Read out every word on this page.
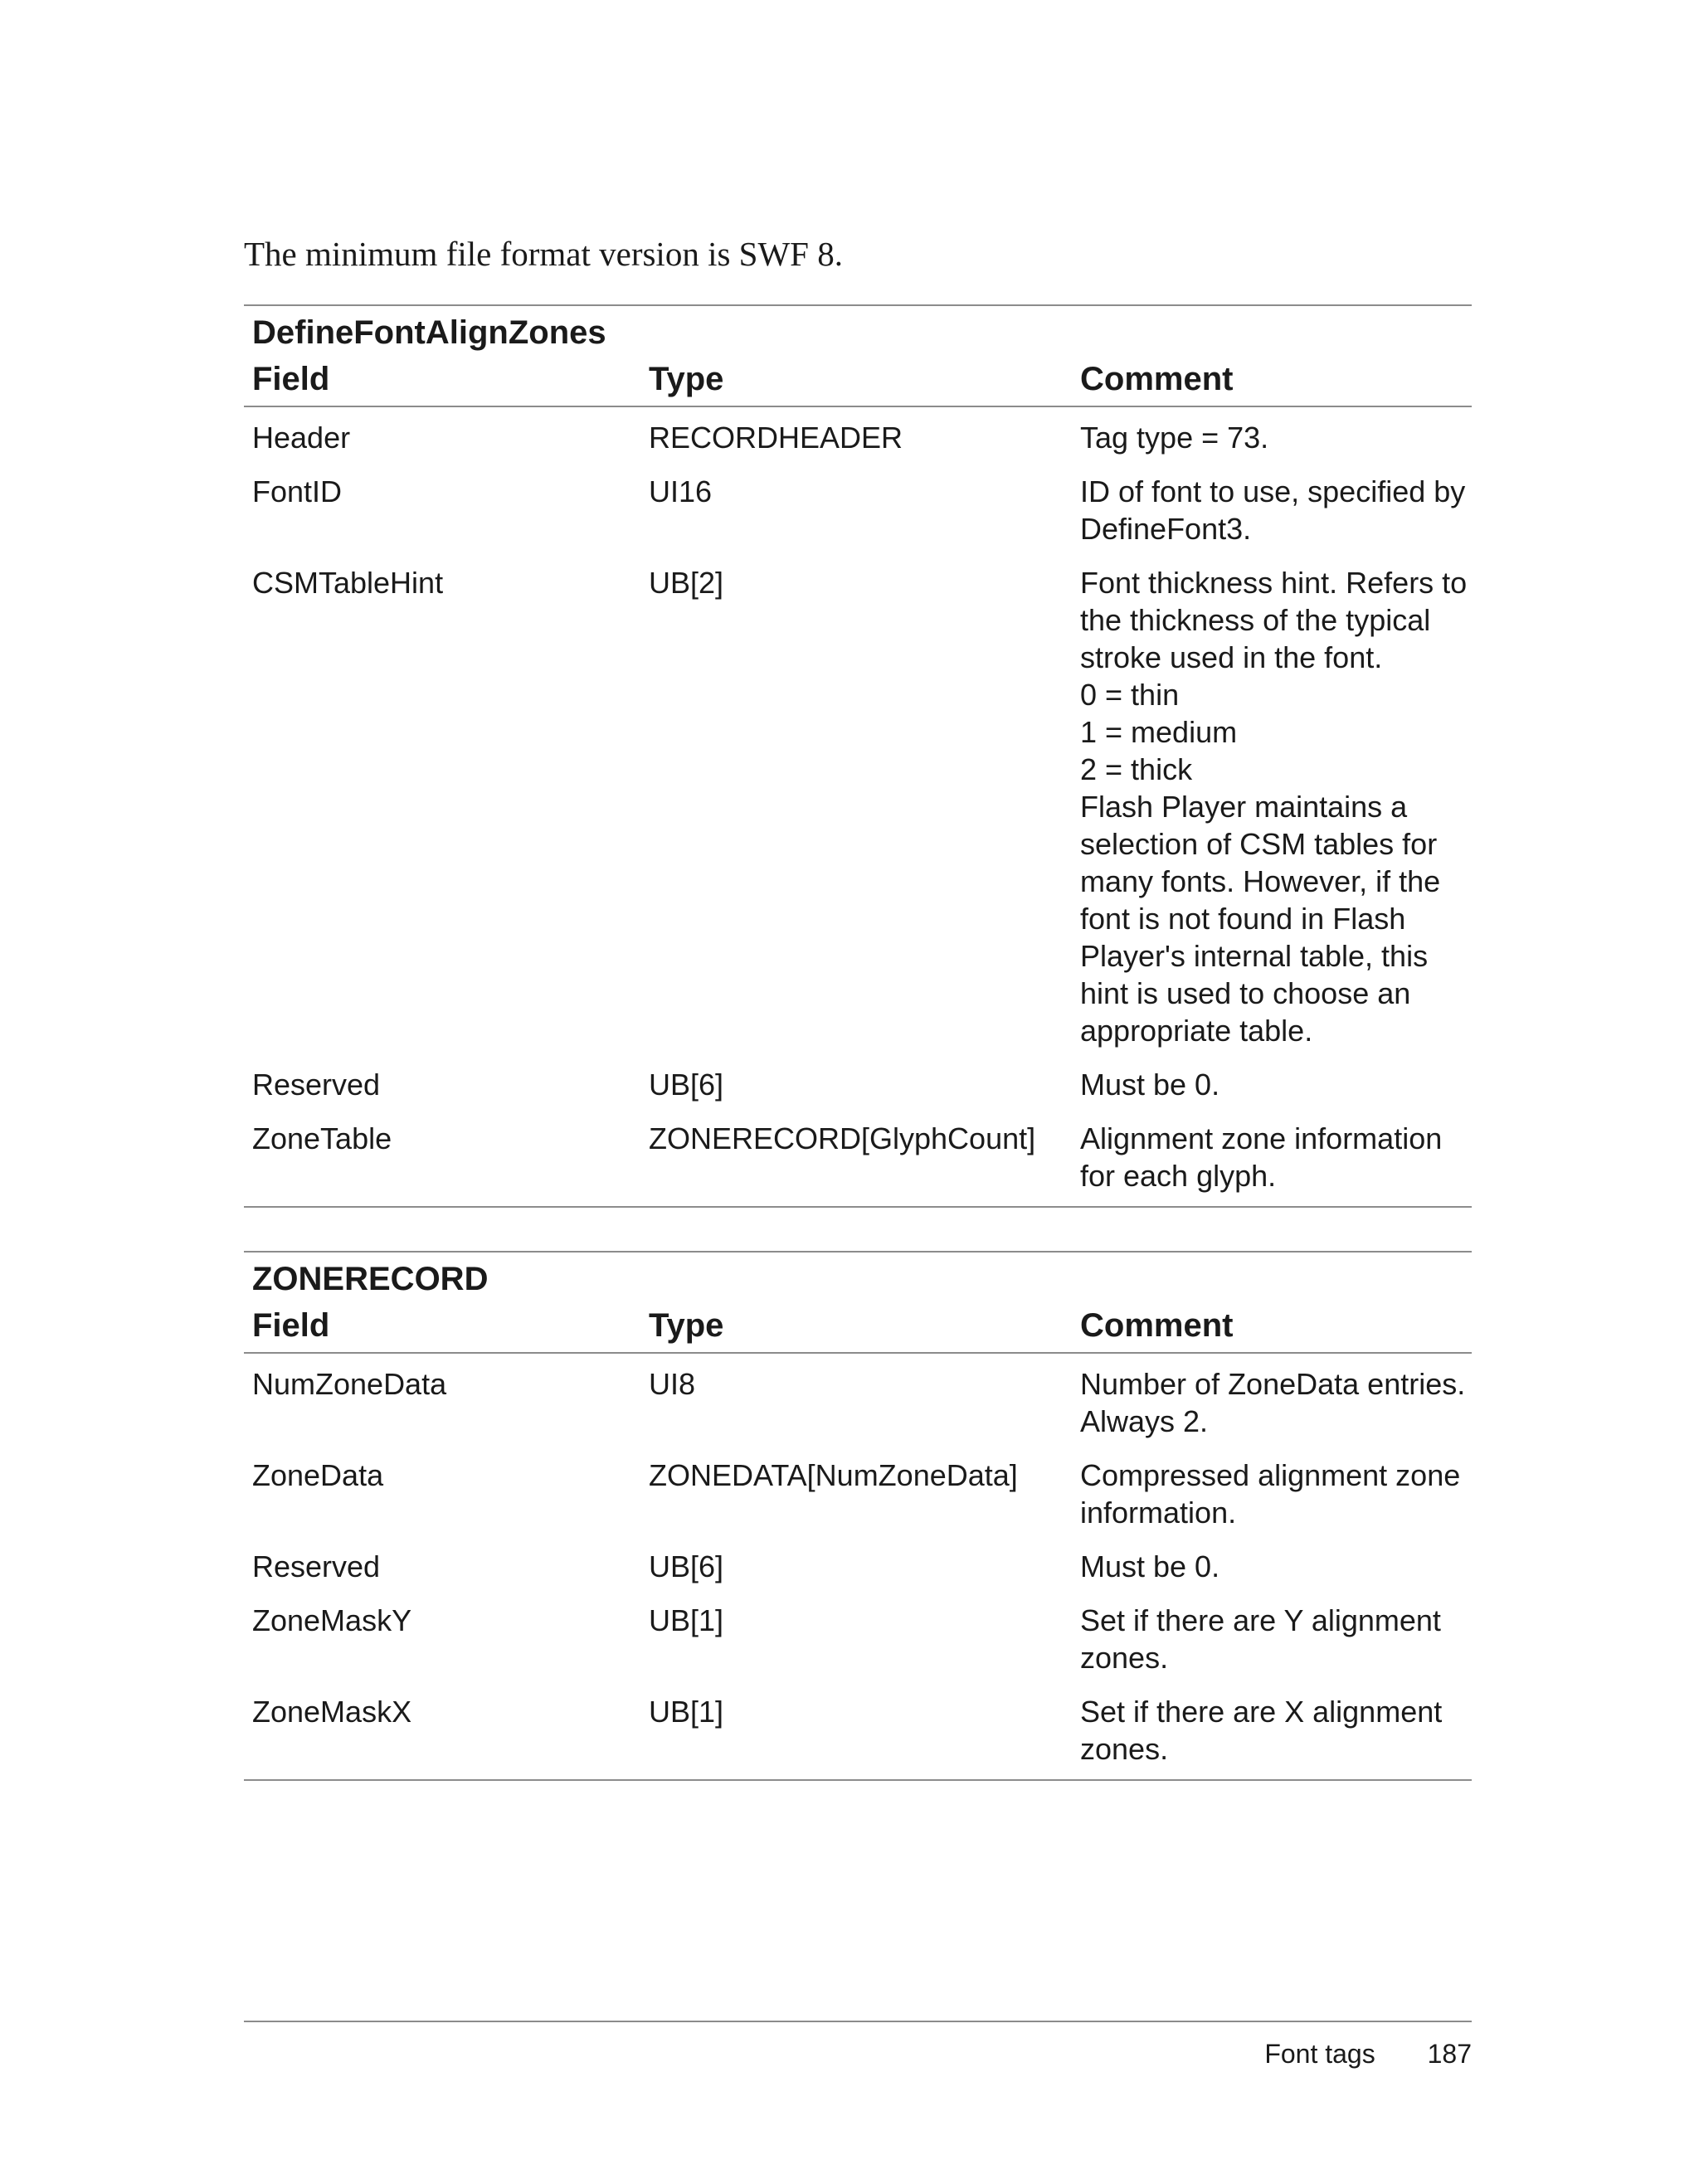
The minimum file format version is SWF 8.
DefineFontAlignZones		
Field	Type	Comment
Header	RECORDHEADER	Tag type = 73.
FontID	UI16	ID of font to use, specified by DefineFont3.
CSMTableHint	UB[2]	Font thickness hint. Refers to the thickness of the typical stroke used in the font.
0 = thin
1 = medium
2 = thick
Flash Player maintains a selection of CSM tables for many fonts. However, if the font is not found in Flash Player's internal table, this hint is used to choose an appropriate table.
Reserved	UB[6]	Must be 0.
ZoneTable	ZONERECORD[GlyphCount]	Alignment zone information for each glyph.
ZONERECORD		
Field	Type	Comment
NumZoneData	UI8	Number of ZoneData entries. Always 2.
ZoneData	ZONEDATA[NumZoneData]	Compressed alignment zone information.
Reserved	UB[6]	Must be 0.
ZoneMaskY	UB[1]	Set if there are Y alignment zones.
ZoneMaskX	UB[1]	Set if there are X alignment zones.
Font tags 187
